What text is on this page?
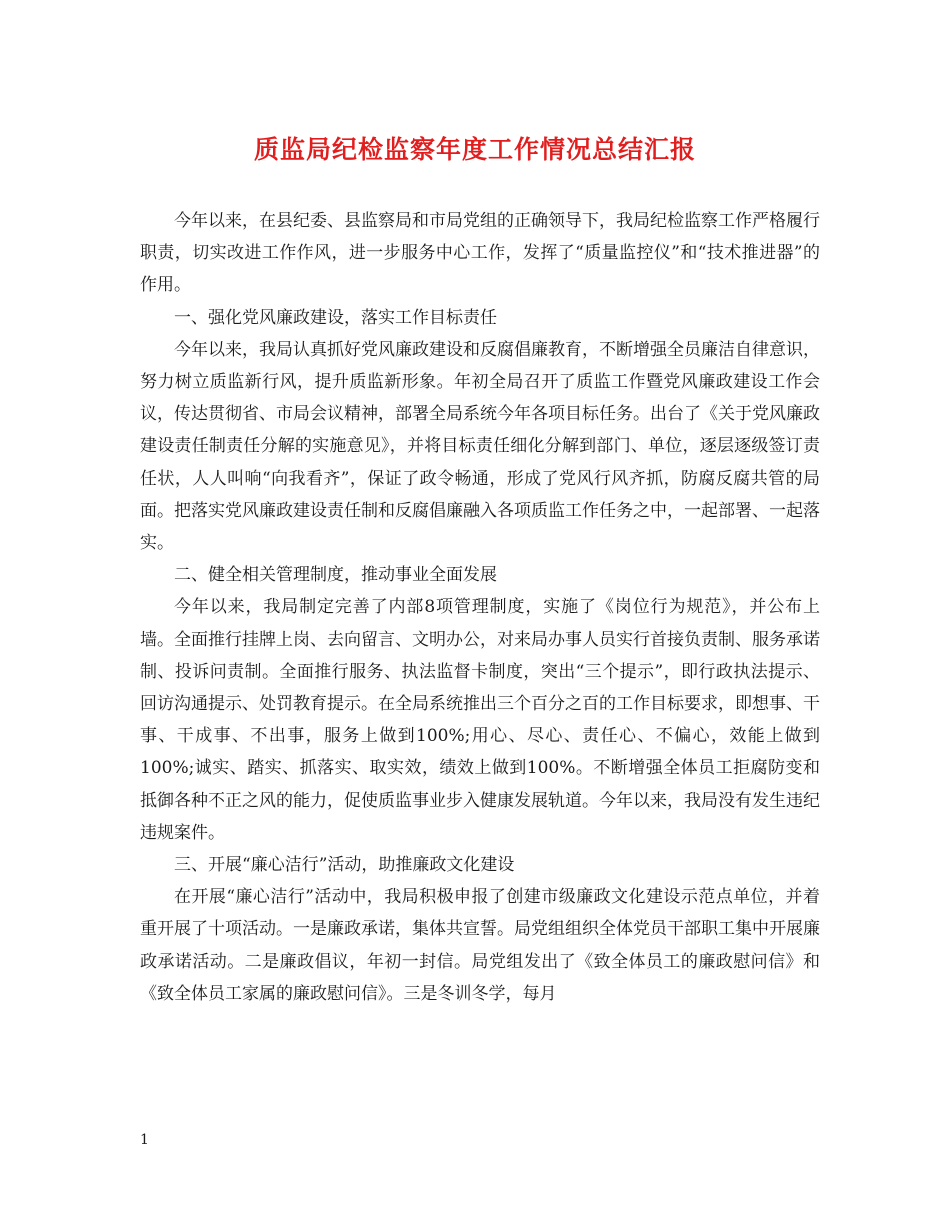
质监局纪检监察年度工作情况总结汇报

今年以来，在县纪委、县监察局和市局党组的正确领导下，我局纪检监察工作严格履行职责，切实改进工作作风，进一步服务中心工作，发挥了“质量监控仪”和“技术推进器”的作用。

一、强化党风廉政建设，落实工作目标责任

今年以来，我局认真抓好党风廉政建设和反腐倡廉教育，不断增强全员廉洁自律意识，努力树立质监新行风，提升质监新形象。年初全局召开了质监工作暨党风廉政建设工作会议，传达贯彻省、市局会议精神，部署全局系统今年各项目标任务。出台了《关于党风廉政建设责任制责任分解的实施意见》，并将目标责任细化分解到部门、单位，逐层逐级签订责任状，人人叫响“向我看齐”，保证了政令畅通，形成了党风行风齐抓，防腐反腐共管的局面。把落实党风廉政建设责任制和反腐倡廉融入各项质监工作任务之中，一起部署、一起落实。

二、健全相关管理制度，推动事业全面发展

今年以来，我局制定完善了内部8项管理制度，实施了《岗位行为规范》，并公布上墙。全面推行挂牌上岗、去向留言、文明办公，对来局办事人员实行首接负责制、服务承诺制、投诉问责制。全面推行服务、执法监督卡制度，突出“三个提示”，即行政执法提示、回访沟通提示、处罚教育提示。在全局系统推出三个百分之百的工作目标要求，即想事、干事、干成事、不出事，服务上做到100%;用心、尽心、责任心、不偏心，效能上做到100%;诚实、踏实、抓落实、取实效，绩效上做到100%。不断增强全体员工拒腐防变和抵御各种不正之风的能力，促使质监事业步入健康发展轨道。今年以来，我局没有发生违纪违规案件。

三、开展“廉心洁行”活动，助推廉政文化建设

在开展“廉心洁行”活动中，我局积极申报了创建市级廉政文化建设示范点单位，并着重开展了十项活动。一是廉政承诺，集体共宣誓。局党组组织全体党员干部职工集中开展廉政承诺活动。二是廉政倡议，年初一封信。局党组发出了《致全体员工的廉政慰问信》和《致全体员工家属的廉政慰问信》。三是冬训冬学，每月

1
